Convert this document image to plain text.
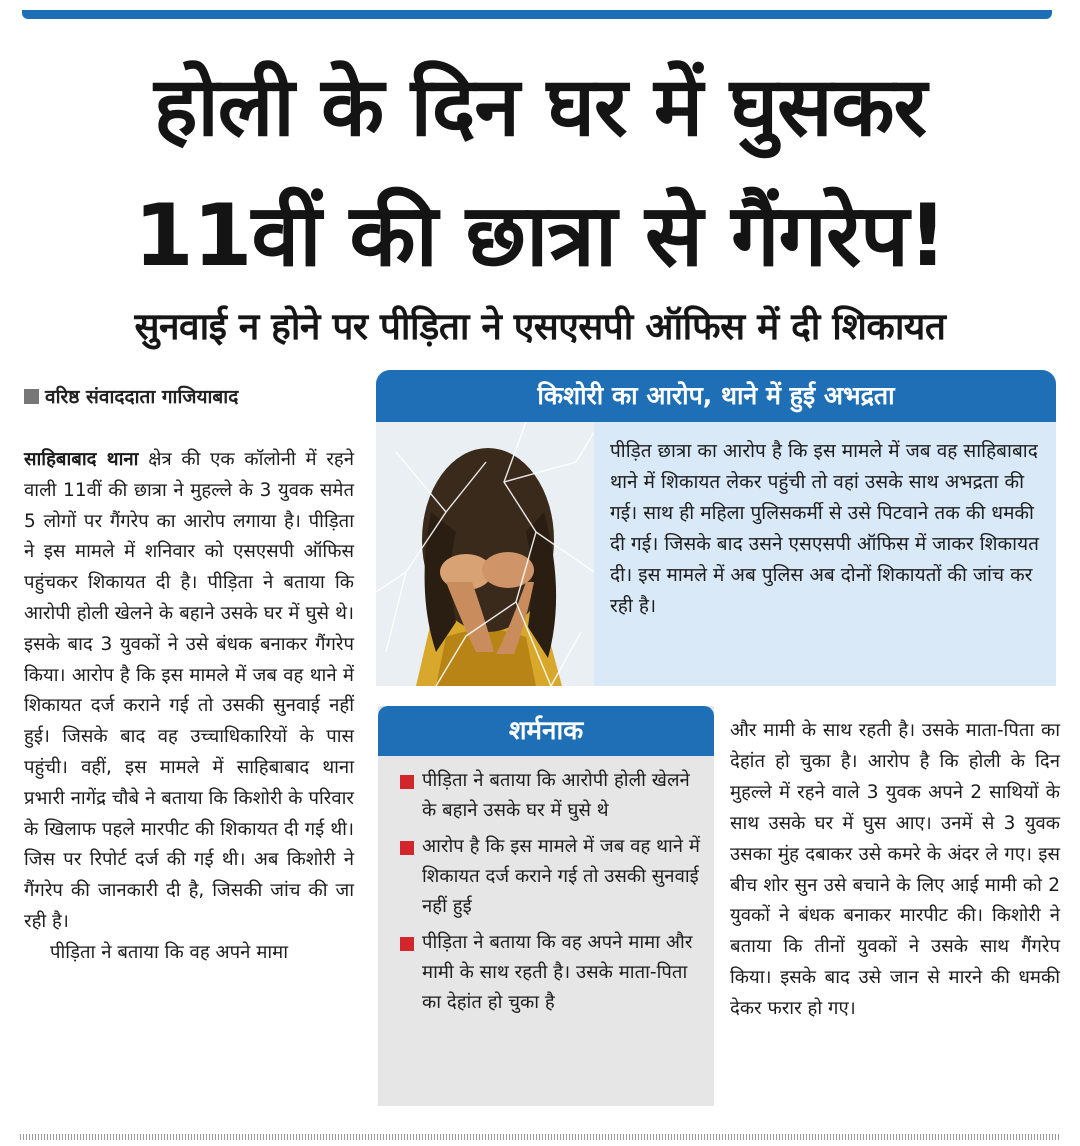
होली के दिन घर में घुसकर
11वीं की छात्रा से गैंगरेप!
सुनवाई न होने पर पीड़िता ने एसएसपी ऑफिस में दी शिकायत
वरिष्ठ संवाददाता गाजियाबाद

साहिबाबाद थाना क्षेत्र की एक कॉलोनी में रहने वाली 11वीं की छात्रा ने मुहल्ले के 3 युवक समेत 5 लोगों पर गैंगरेप का आरोप लगाया है। पीड़िता ने इस मामले में शनिवार को एसएसपी ऑफिस पहुंचकर शिकायत दी है। पीड़िता ने बताया कि आरोपी होली खेलने के बहाने उसके घर में घुसे थे। इसके बाद 3 युवकों ने उसे बंधक बनाकर गैंगरेप किया। आरोप है कि इस मामले में जब वह थाने में शिकायत दर्ज कराने गई तो उसकी सुनवाई नहीं हुई। जिसके बाद वह उच्चाधिकारियों के पास पहुंची। वहीं, इस मामले में साहिबाबाद थाना प्रभारी नागेंद्र चौबे ने बताया कि किशोरी के परिवार के खिलाफ पहले मारपीट की शिकायत दी गई थी। जिस पर रिपोर्ट दर्ज की गई थी। अब किशोरी ने गैंगरेप की जानकारी दी है, जिसकी जांच की जा रही है।

पीड़िता ने बताया कि वह अपने मामा

किशोरी का आरोप, थाने में हुई अभद्रता
पीड़ित छात्रा का आरोप है कि इस मामले में जब वह साहिबाबाद थाने में शिकायत लेकर पहुंची तो वहां उसके साथ अभद्रता की गई। साथ ही महिला पुलिसकर्मी से उसे पिटवाने तक की धमकी दी गई। जिसके बाद उसने एसएसपी ऑफिस में जाकर शिकायत दी। इस मामले में अब पुलिस अब दोनों शिकायतों की जांच कर रही है।
शर्मनाक
पीड़िता ने बताया कि आरोपी होली खेलने के बहाने उसके घर में घुसे थे
आरोप है कि इस मामले में जब वह थाने में शिकायत दर्ज कराने गई तो उसकी सुनवाई नहीं हुई
पीड़िता ने बताया कि वह अपने मामा और मामी के साथ रहती है। उसके माता-पिता का देहांत हो चुका है
और मामी के साथ रहती है। उसके माता-पिता का देहांत हो चुका है। आरोप है कि होली के दिन मुहल्ले में रहने वाले 3 युवक अपने 2 साथियों के साथ उसके घर में घुस आए। उनमें से 3 युवक उसका मुंह दबाकर उसे कमरे के अंदर ले गए। इस बीच शोर सुन उसे बचाने के लिए आई मामी को 2 युवकों ने बंधक बनाकर मारपीट की। किशोरी ने बताया कि तीनों युवकों ने उसके साथ गैंगरेप किया। इसके बाद उसे जान से मारने की धमकी देकर फरार हो गए।
